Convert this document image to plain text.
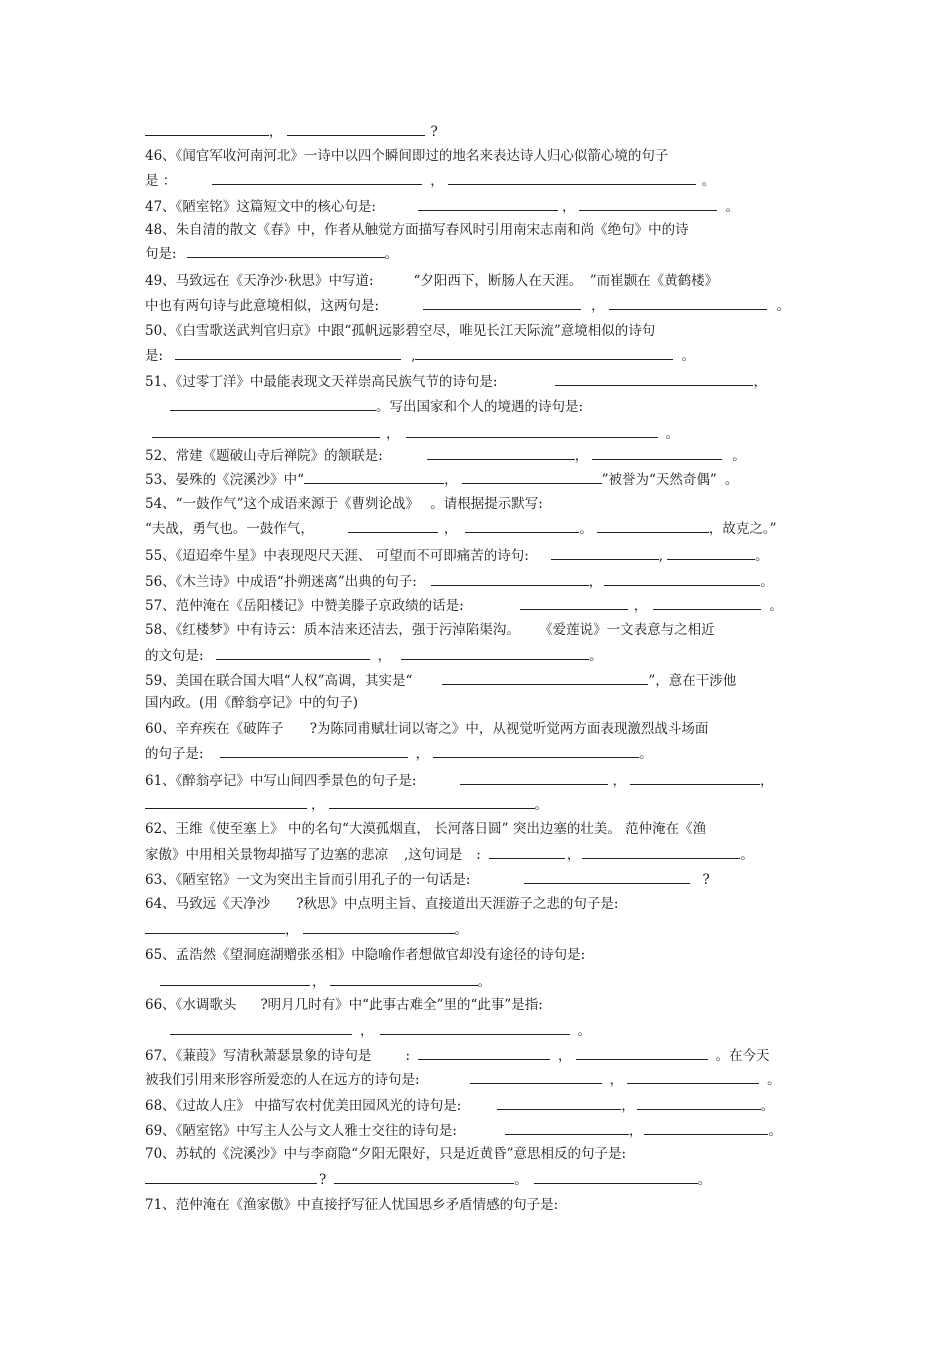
，	?
46、《闻官军收河南河北》一诗中以四个瞬间即过的地名来表达诗人归心似箭心境的句子
是 ：	，	。
47、《陋室铭》这篇短文中的核心句是:	，	。
48、朱自清的散文《春》中，作者从触觉方面描写春风时引用南宋志南和尚《绝句》中的诗
句是:	。
49、马致远在《天净沙·秋思》中写道:	“夕阳西下，断肠人在天涯。 ”而崔颢在《黄鹤楼》
中也有两句诗与此意境相似，这两句是:	，	。
50、《白雪歌送武判官归京》中跟“孤帆远影碧空尽，唯见长江天际流”意境相似的诗句
是:	,	。
51、《过零丁洋》中最能表现文天祥崇高民族气节的诗句是:	，
。写出国家和个人的境遇的诗句是:
，	。
52、常建《题破山寺后禅院》的颔联是:	，	。
53、晏殊的《浣溪沙》中“	，	”被誉为“天然奇偶” 。
54、“一鼓作气”这个成语来源于《曹刿论战》 。请根据提示默写:
“夫战，勇气也。一鼓作气，	，	。	，故克之。”
55、《迢迢牵牛星》中表现咫尺天涯、 可望而不可即痛苦的诗句:	,	。
56、《木兰诗》中成语“扑朔迷离”出典的句子:	，	。
57、范仲淹在《岳阳楼记》中赞美滕子京政绩的话是:	，	。
58、《红楼梦》中有诗云：质本洁来还洁去，强于污淖陷渠沟。 《爱莲说》一文表意与之相近
的文句是:	，	。
59、美国在联合国大唱“人权”高调，其实是“	”，意在干涉他
国内政。(用《醉翁亭记》中的句子)
60、辛弃疾在《破阵子 ?为陈同甫赋壮词以寄之》中，从视觉听觉两方面表现激烈战斗场面
的句子是:	，	。
61、《醉翁亭记》中写山间四季景色的句子是:	，	，
，	。
62、王维《使至塞上》 中的名句“大漠孤烟直， 长河落日圆” 突出边塞的壮美。 范仲淹在《渔
家傲》中用相关景物却描写了边塞的悲凉 ,这句词是 :	，	。
63、《陋室铭》一文为突出主旨而引用孔子的一句话是:	?
64、马致远《天净沙 ?秋思》中点明主旨、直接道出天涯游子之悲的句子是:
，	。
65、孟浩然《望洞庭湖赠张丞相》中隐喻作者想做官却没有途径的诗句是:
，	。
66、《水调歌头 ?明月几时有》中“此事古难全”里的“此事”是指:
，	。
67、《蒹葭》写清秋萧瑟景象的诗句是	:	，	。在今天
被我们引用来形容所爱恋的人在远方的诗句是:	，	。
68、《过故人庄》 中描写农村优美田园风光的诗句是:	，	。
69、《陋室铭》中写主人公与文人雅士交往的诗句是:	，	。
70、苏轼的《浣溪沙》中与李商隐“夕阳无限好，只是近黄昏”意思相反的句子是:
?	。	。
71、范仲淹在《渔家傲》中直接抒写征人忧国思乡矛盾情感的句子是:
